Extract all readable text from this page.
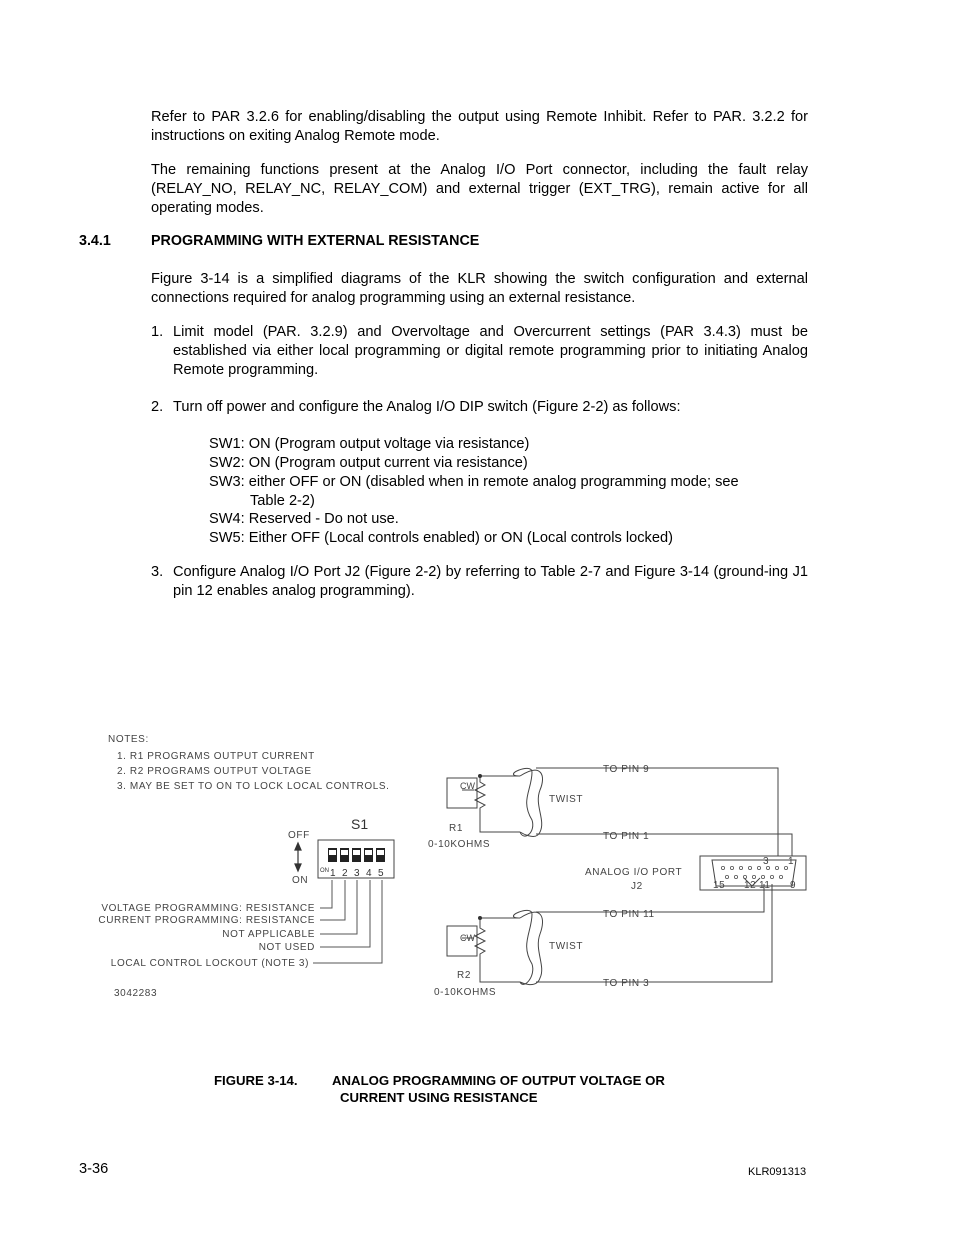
Refer to PAR 3.2.6 for enabling/disabling the output using Remote Inhibit. Refer to PAR. 3.2.2 for instructions on exiting Analog Remote mode.

The remaining functions present at the Analog I/O Port connector, including the fault relay (RELAY_NO, RELAY_NC, RELAY_COM) and external trigger (EXT_TRG), remain active for all operating modes.

3.4.1	PROGRAMMING WITH EXTERNAL RESISTANCE

Figure 3-14 is a simplified diagrams of the KLR showing the switch configuration and external connections required for analog programming using an external resistance.

1. Limit model (PAR. 3.2.9) and Overvoltage and Overcurrent settings (PAR 3.4.3) must be established via either local programming or digital remote programming prior to initiating Analog Remote programming.
2. Turn off power and configure the Analog I/O DIP switch (Figure 2-2) as follows:
SW1: ON (Program output voltage via resistance)
SW2: ON (Program output current via resistance)
SW3: either OFF or ON (disabled when in remote analog programming mode; see
Table 2-2)
SW4: Reserved - Do not use.
SW5: Either OFF (Local controls enabled) or ON (Local controls locked)
3. Configure Analog I/O Port J2 (Figure 2-2) by referring to Table 2-7 and Figure 3-14 (ground-ing J1 pin 12 enables analog programming).
NOTES:
1. R1 PROGRAMS OUTPUT CURRENT
2. R2 PROGRAMS OUTPUT VOLTAGE
3. MAY BE SET TO ON TO LOCK LOCAL CONTROLS.
OFF
ON
VOLTAGE PROGRAMMING: RESISTANCE
CURRENT PROGRAMMING: RESISTANCE
NOT APPLICABLE
NOT USED
LOCAL CONTROL LOCKOUT (NOTE 3)
3042283
R1
0-10KOHMS
R2
0-10KOHMS
TWIST
TWIST
TO PIN 9
TO PIN 1
TO PIN 11
TO PIN 3
ANALOG I/O PORT
J2
3 1
15 12 11 9
S1
ON 1 2 3 4 5
CW
CW
FIGURE 3-14.	ANALOG PROGRAMMING OF OUTPUT VOLTAGE OR
CURRENT USING RESISTANCE
3-36	KLR091313
